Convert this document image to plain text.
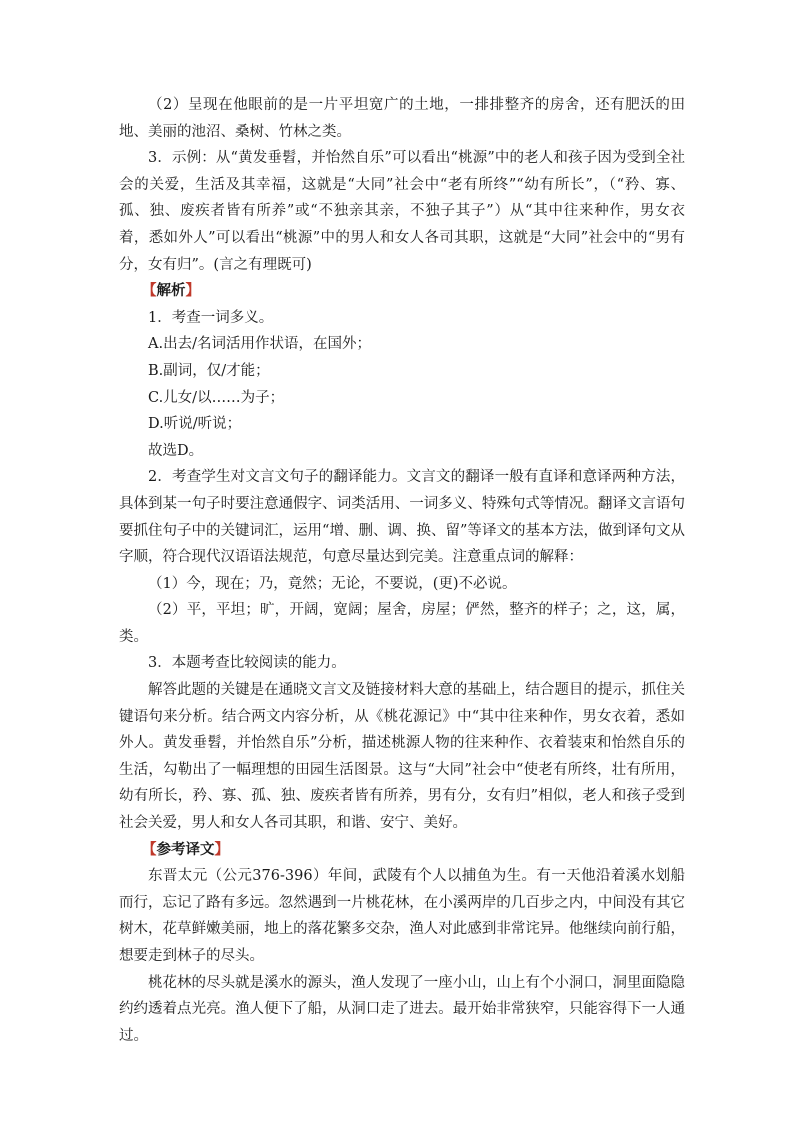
（2）呈现在他眼前的是一片平坦宽广的土地，一排排整齐的房舍，还有肥沃的田地、美丽的池沼、桑树、竹林之类。

3．示例：从“黄发垂髫，并怡然自乐”可以看出“桃源”中的老人和孩子因为受到全社会的关爱，生活及其幸福，这就是“大同”社会中“老有所终”“幼有所长”，（“矜、寡、孤、独、废疾者皆有所养”或“不独亲其亲，不独子其子”）从“其中往来种作，男女衣着，悉如外人”可以看出“桃源”中的男人和女人各司其职，这就是“大同”社会中的“男有分，女有归”。(言之有理既可)

【解析】

1．考查一词多义。

A.出去/名词活用作状语，在国外；

B.副词，仅/才能；

C.儿女/以……为子；

D.听说/听说；

故选D。

2．考查学生对文言文句子的翻译能力。文言文的翻译一般有直译和意译两种方法，具体到某一句子时要注意通假字、词类活用、一词多义、特殊句式等情况。翻译文言语句要抓住句子中的关键词汇，运用“增、删、调、换、留”等译文的基本方法，做到译句文从字顺，符合现代汉语语法规范，句意尽量达到完美。注意重点词的解释：

（1）今，现在；乃，竟然；无论，不要说，(更)不必说。

（2）平，平坦；旷，开阔，宽阔；屋舍，房屋；俨然，整齐的样子；之，这，属，类。

3．本题考查比较阅读的能力。

解答此题的关键是在通晓文言文及链接材料大意的基础上，结合题目的提示，抓住关键语句来分析。结合两文内容分析，从《桃花源记》中“其中往来种作，男女衣着，悉如外人。黄发垂髫，并怡然自乐”分析，描述桃源人物的往来种作、衣着装束和怡然自乐的生活，勾勒出了一幅理想的田园生活图景。这与“大同”社会中“使老有所终，壮有所用，幼有所长，矜、寡、孤、独、废疾者皆有所养，男有分，女有归”相似，老人和孩子受到社会关爱，男人和女人各司其职，和谐、安宁、美好。

【参考译文】

东晋太元（公元376-396）年间，武陵有个人以捕鱼为生。有一天他沿着溪水划船而行，忘记了路有多远。忽然遇到一片桃花林，在小溪两岸的几百步之内，中间没有其它树木，花草鲜嫩美丽，地上的落花繁多交杂，渔人对此感到非常诧异。他继续向前行船，想要走到林子的尽头。

桃花林的尽头就是溪水的源头，渔人发现了一座小山，山上有个小洞口，洞里面隐隐约约透着点光亮。渔人便下了船，从洞口走了进去。最开始非常狭窄，只能容得下一人通过。
